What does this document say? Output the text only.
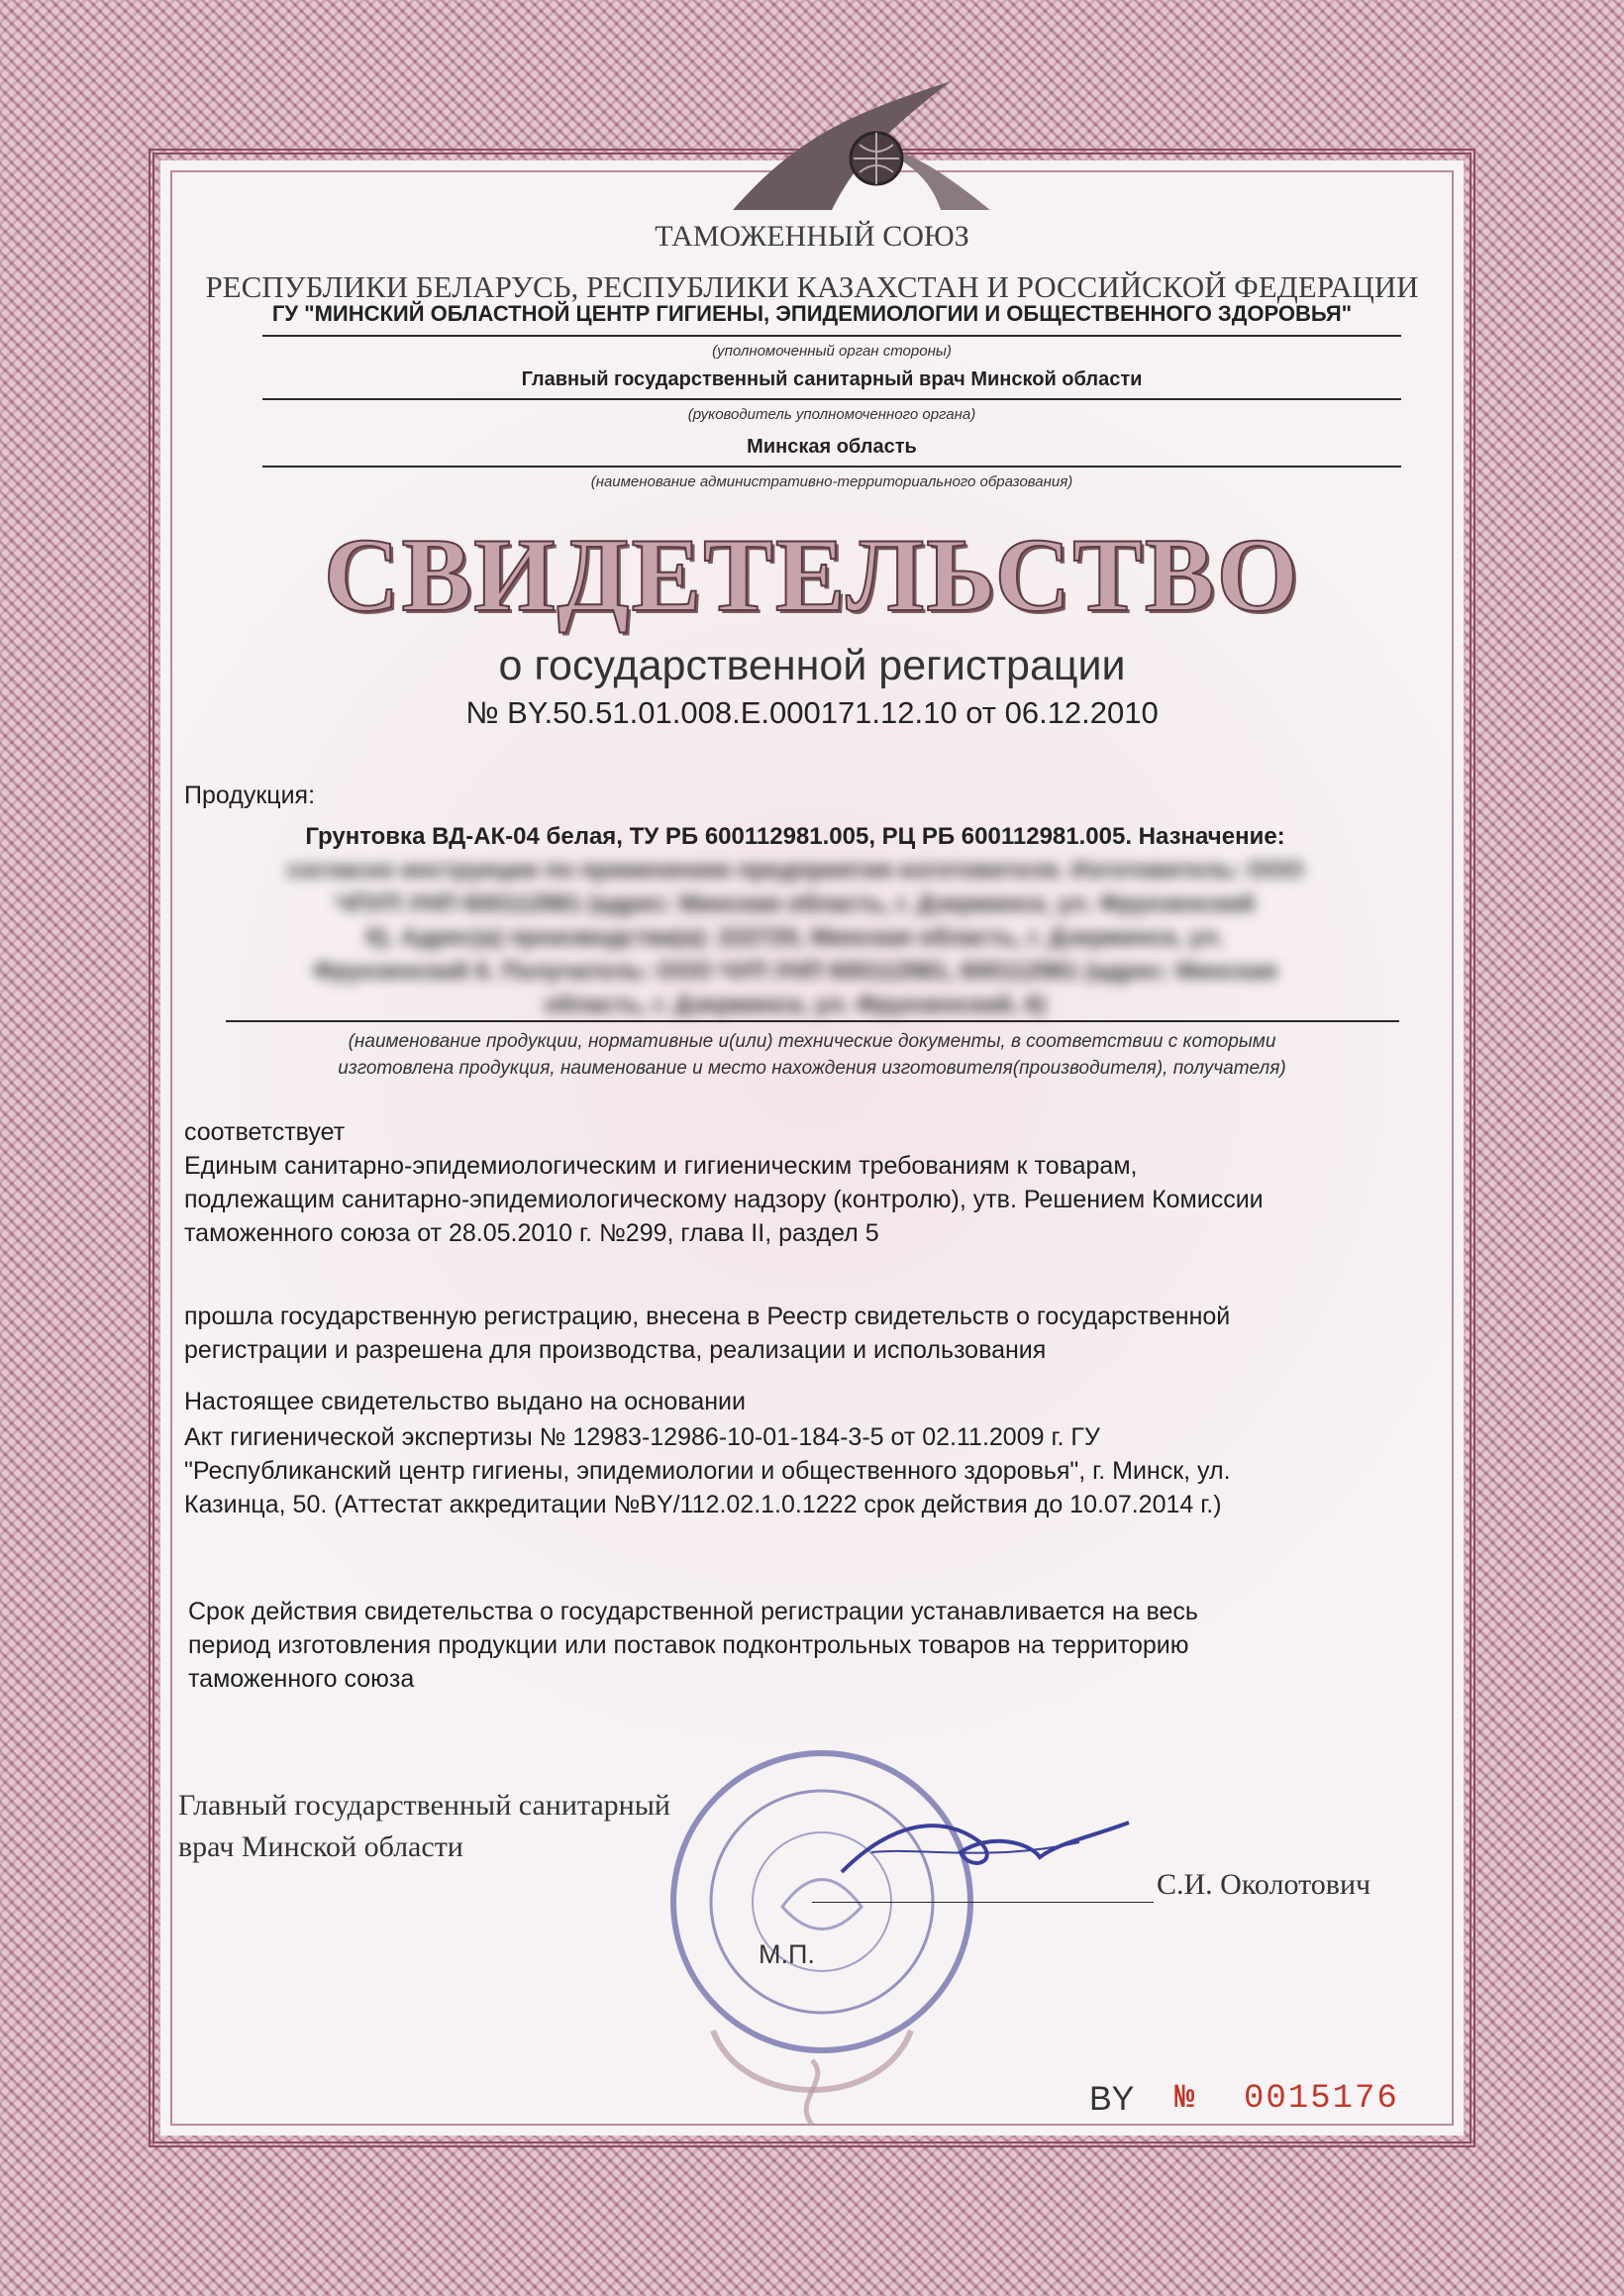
ТАМОЖЕННЫЙ СОЮЗ
РЕСПУБЛИКИ БЕЛАРУСЬ, РЕСПУБЛИКИ КАЗАХСТАН И РОССИЙСКОЙ ФЕДЕРАЦИИ
ГУ "МИНСКИЙ ОБЛАСТНОЙ ЦЕНТР ГИГИЕНЫ, ЭПИДЕМИОЛОГИИ И ОБЩЕСТВЕННОГО ЗДОРОВЬЯ"
(уполномоченный орган стороны)
Главный государственный санитарный врач Минской области
(руководитель уполномоченного органа)
Минская область
(наименование административно-территориального образования)
СВИДЕТЕЛЬСТВО
о государственной регистрации
№ BY.50.51.01.008.E.000171.12.10 от 06.12.2010
Продукция:
Грунтовка ВД-АК-04 белая, ТУ РБ 600112981.005, РЦ РБ 600112981.005. Назначение:
согласно инструкции по применению предприятия изготовителя. Изготовитель: ООО
ЧПУП УНП 600112981 (адрес: Минская область, г. Дзержинск, ул. Фрунзенский
6). Адрес(а) производства(а): 222720, Минская область, г. Дзержинск, ул.
Фрунзенский 6. Получатель: ООО ЧУП УНП 600112981, 600112981 (адрес: Минская
область, г. Дзержинск, ул. Фрунзенский, 6)
(наименование продукции, нормативные и(или) технические документы, в соответствии с которыми
изготовлена продукция, наименование и место нахождения изготовителя(производителя), получателя)
соответствует
Единым санитарно-эпидемиологическим и гигиеническим требованиям к товарам,
подлежащим санитарно-эпидемиологическому надзору (контролю), утв. Решением Комиссии
таможенного союза от 28.05.2010 г. №299, глава II, раздел 5
прошла государственную регистрацию, внесена в Реестр свидетельств о государственной
регистрации и разрешена для производства, реализации и использования
Настоящее свидетельство выдано на основании
Акт гигиенической экспертизы № 12983-12986-10-01-184-3-5 от 02.11.2009 г. ГУ
"Республиканский центр гигиены, эпидемиологии и общественного здоровья", г. Минск, ул.
Казинца, 50. (Аттестат аккредитации №BY/112.02.1.0.1222 срок действия до 10.07.2014 г.)
Срок действия свидетельства о государственной регистрации устанавливается на весь
период изготовления продукции или поставок подконтрольных товаров на территорию
таможенного союза
Главный государственный санитарный
врач Минской области
С.И. Околотович
М.П.
BY № 0015176
